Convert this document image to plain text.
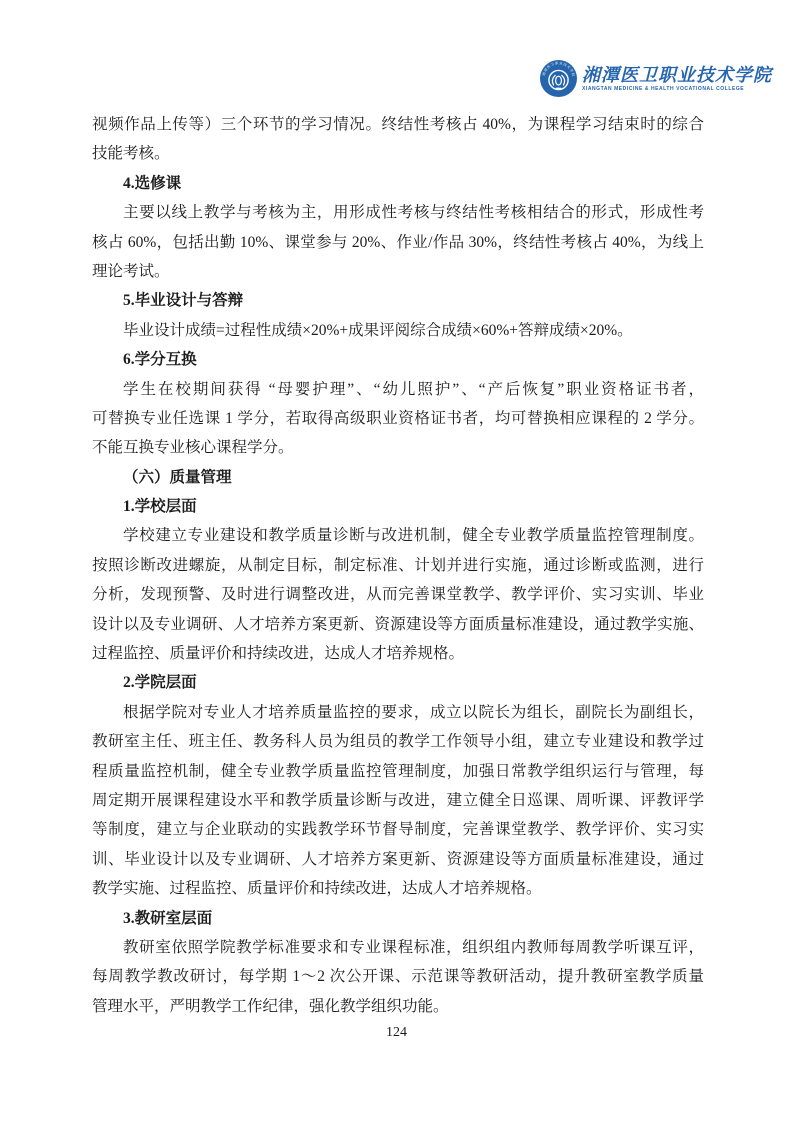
湘潭医卫职业技术学院 湘潭医卫职业技术学院
XIANGTAN MEDICINE & HEALTH VOCATIONAL COLLEGE
视频作品上传等）三个环节的学习情况。终结性考核占 40%，为课程学习结束时的综合
技能考核。
4.选修课
主要以线上教学与考核为主，用形成性考核与终结性考核相结合的形式，形成性考
核占 60%，包括出勤 10%、课堂参与 20%、作业/作品 30%，终结性考核占 40%，为线上
理论考试。
5.毕业设计与答辩
毕业设计成绩=过程性成绩×20%+成果评阅综合成绩×60%+答辩成绩×20%。
6.学分互换
学生在校期间获得 “母婴护理”、“幼儿照护”、“产后恢复”职业资格证书者，
可替换专业任选课 1 学分，若取得高级职业资格证书者，均可替换相应课程的 2 学分。
不能互换专业核心课程学分。
（六）质量管理
1.学校层面
学校建立专业建设和教学质量诊断与改进机制，健全专业教学质量监控管理制度。
按照诊断改进螺旋，从制定目标，制定标准、计划并进行实施，通过诊断或监测，进行
分析，发现预警、及时进行调整改进，从而完善课堂教学、教学评价、实习实训、毕业
设计以及专业调研、人才培养方案更新、资源建设等方面质量标准建设，通过教学实施、
过程监控、质量评价和持续改进，达成人才培养规格。
2.学院层面
根据学院对专业人才培养质量监控的要求，成立以院长为组长，副院长为副组长，
教研室主任、班主任、教务科人员为组员的教学工作领导小组，建立专业建设和教学过
程质量监控机制，健全专业教学质量监控管理制度，加强日常教学组织运行与管理，每
周定期开展课程建设水平和教学质量诊断与改进，建立健全日巡课、周听课、评教评学
等制度，建立与企业联动的实践教学环节督导制度，完善课堂教学、教学评价、实习实
训、毕业设计以及专业调研、人才培养方案更新、资源建设等方面质量标准建设，通过
教学实施、过程监控、质量评价和持续改进，达成人才培养规格。
3.教研室层面
教研室依照学院教学标准要求和专业课程标准，组织组内教师每周教学听课互评，
每周教学教改研讨，每学期 1～2 次公开课、示范课等教研活动，提升教研室教学质量
管理水平，严明教学工作纪律，强化教学组织功能。
124
